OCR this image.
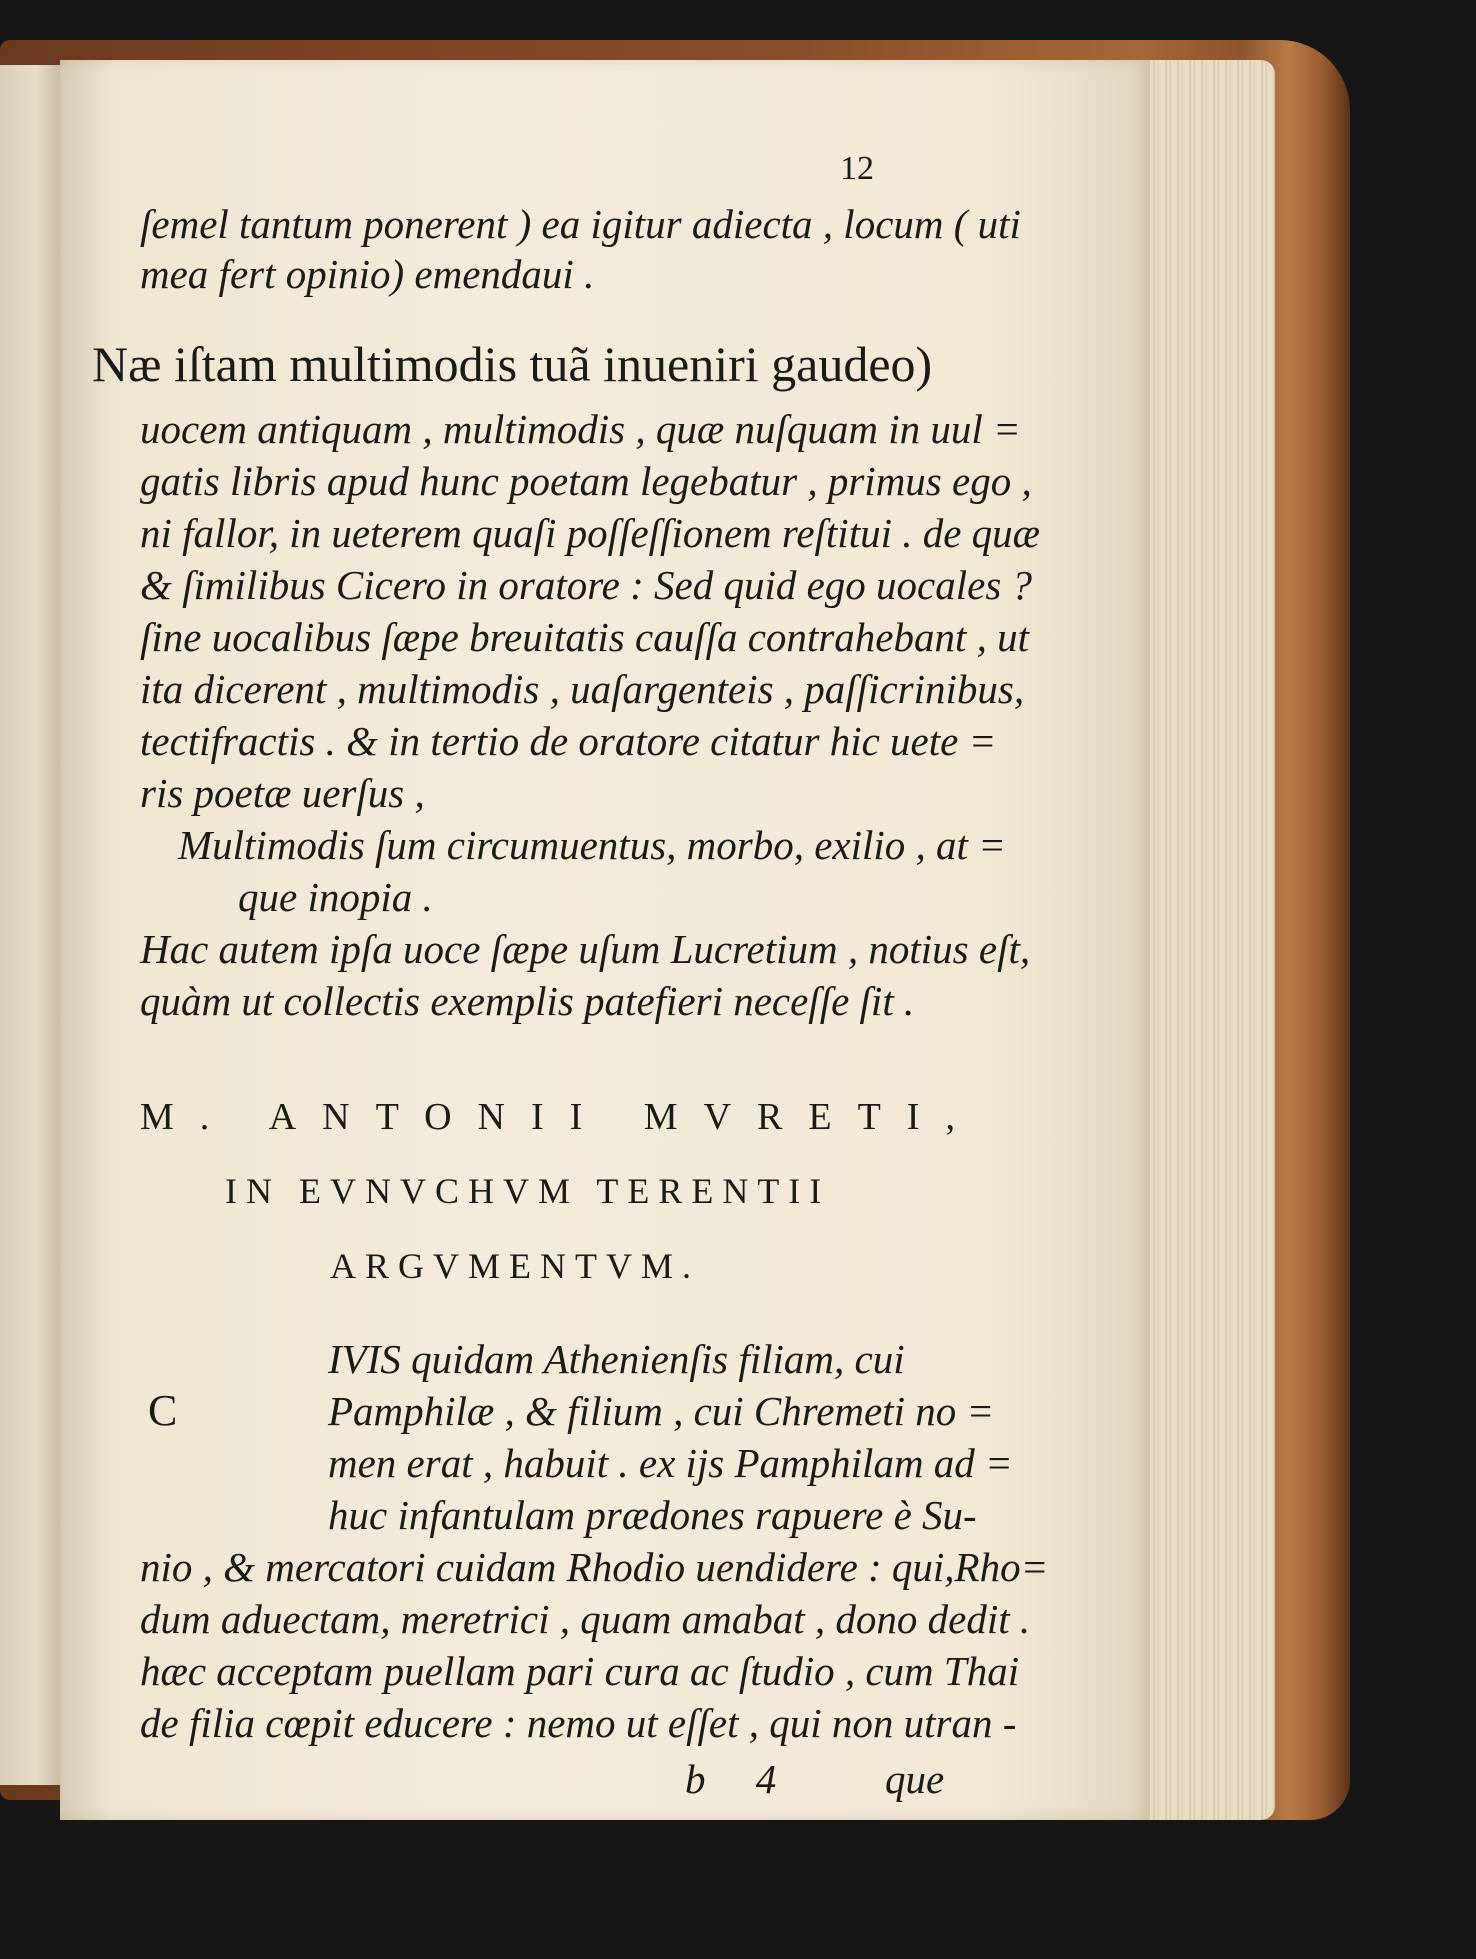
12
ſemel tantum ponerent ) ea igitur adiecta , locum ( uti
mea fert opinio) emendaui .
Næ iſtam multimodis tuã inueniri gaudeo)
uocem antiquam , multimodis , quæ nuſquam in uul =
gatis libris apud hunc poetam legebatur , primus ego ,
ni fallor, in ueterem quaſi poſſeſſionem reſtitui . de quæ
& ſimilibus Cicero in oratore : Sed quid ego uocales ?
ſine uocalibus ſæpe breuitatis cauſſa contrahebant , ut
ita dicerent , multimodis , uaſargenteis , paſſicrinibus,
tectifractis . & in tertio de oratore citatur hic uete =
ris poetæ uerſus ,
Multimodis ſum circumuentus, morbo, exilio , at =
que inopia .
Hac autem ipſa uoce ſæpe uſum Lucretium , notius eſt,
quàm ut collectis exemplis patefieri neceſſe ſit .
M. ANTONII MVRETI,
IN EVNVCHVM TERENTII
ARGVMENTVM.
C
IVIS quidam Athenienſis filiam, cui
Pamphilæ , & filium , cui Chremeti no =
men erat , habuit . ex ijs Pamphilam ad =
huc infantulam prædones rapuere è Su-
nio , & mercatori cuidam Rhodio uendidere : qui,Rho=
dum aduectam, meretrici , quam amabat , dono dedit .
hæc acceptam puellam pari cura ac ſtudio , cum Thai
de filia cœpit educere : nemo ut eſſet , qui non utran -
b 4	que
